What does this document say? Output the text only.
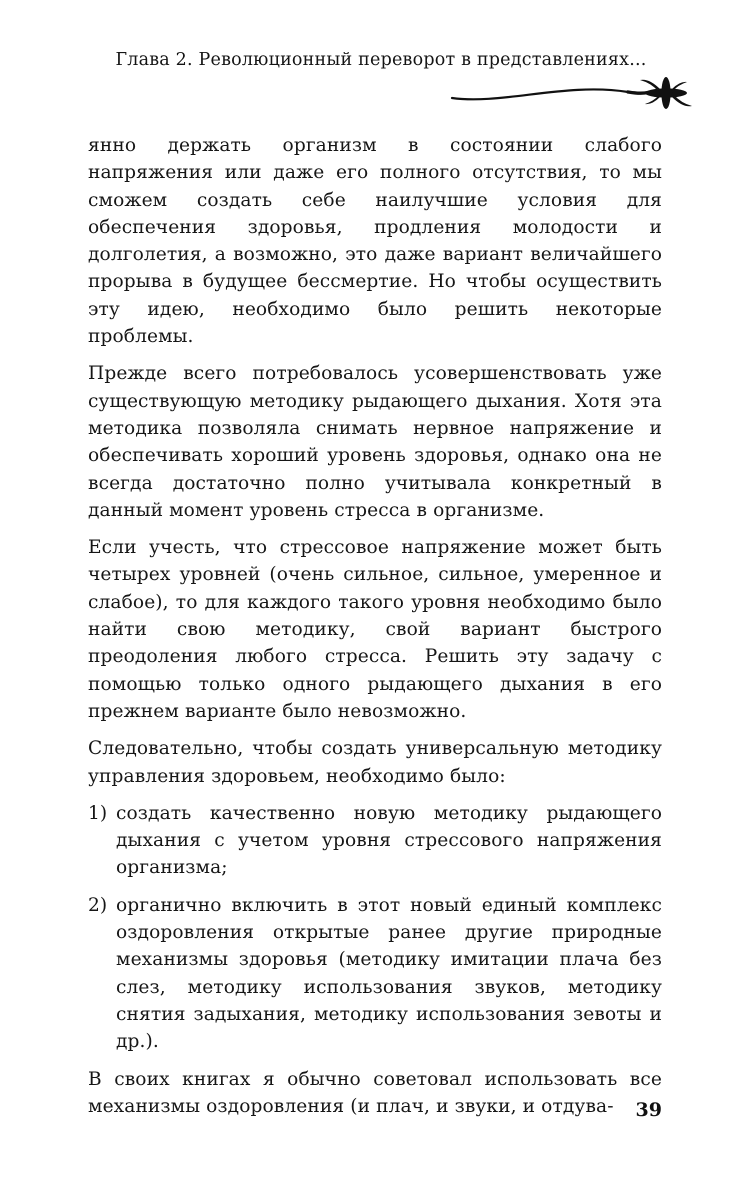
Глава 2. Революционный переворот в представлениях...

янно держать организм в состоянии слабого напряжения или даже его полного отсутствия, то мы сможем создать себе наилучшие условия для обеспечения здоровья, продления молодости и долголетия, а возможно, это даже вариант величайшего прорыва в будущее бессмертие. Но чтобы осуществить эту идею, необходимо было решить некоторые проблемы.

Прежде всего потребовалось усовершенствовать уже существующую методику рыдающего дыхания. Хотя эта методика позволяла снимать нервное напряжение и обеспечивать хороший уровень здоровья, однако она не всегда достаточно полно учитывала конкретный в данный момент уровень стресса в организме.

Если учесть, что стрессовое напряжение может быть четырех уровней (очень сильное, сильное, умеренное и слабое), то для каждого такого уровня необходимо было найти свою методику, свой вариант быстрого преодоления любого стресса. Решить эту задачу с помощью только одного рыдающего дыхания в его прежнем варианте было невозможно.

Следовательно, чтобы создать универсальную методику управления здоровьем, необходимо было:

1) создать качественно новую методику рыдающего дыхания с учетом уровня стрессового напряжения организма;
2) органично включить в этот новый единый комплекс оздоровления открытые ранее другие природные механизмы здоровья (методику имитации плача без слез, методику использования звуков, методику снятия задыхания, методику использования зевоты и др.).

В своих книгах я обычно советовал использовать все механизмы оздоровления (и плач, и звуки, и отдува-	39
